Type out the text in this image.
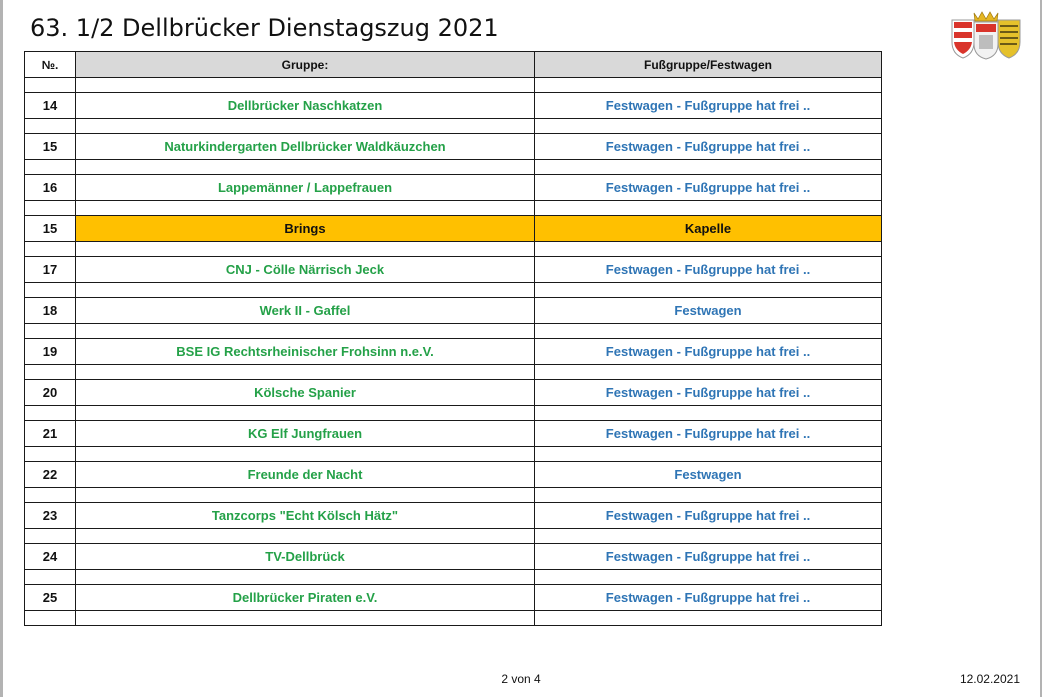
63. 1/2 Dellbrücker Dienstagszug 2021
№.	Gruppe:	Fußgruppe/Festwagen

14	Dellbrücker Naschkatzen	Festwagen - Fußgruppe hat frei ..

15	Naturkindergarten Dellbrücker Waldkäuzchen	Festwagen - Fußgruppe hat frei ..

16	Lappemänner / Lappefrauen	Festwagen - Fußgruppe hat frei ..

15	Brings	Kapelle

17	CNJ - Cölle Närrisch Jeck	Festwagen - Fußgruppe hat frei ..

18	Werk II - Gaffel	Festwagen

19	BSE IG Rechtsrheinischer Frohsinn n.e.V.	Festwagen - Fußgruppe hat frei ..

20	Kölsche Spanier	Festwagen - Fußgruppe hat frei ..

21	KG Elf Jungfrauen	Festwagen - Fußgruppe hat frei ..

22	Freunde der Nacht	Festwagen

23	Tanzcorps "Echt Kölsch Hätz"	Festwagen - Fußgruppe hat frei ..

24	TV-Dellbrück	Festwagen - Fußgruppe hat frei ..

25	Dellbrücker Piraten e.V.	Festwagen - Fußgruppe hat frei ..

2 von 4	12.02.2021
